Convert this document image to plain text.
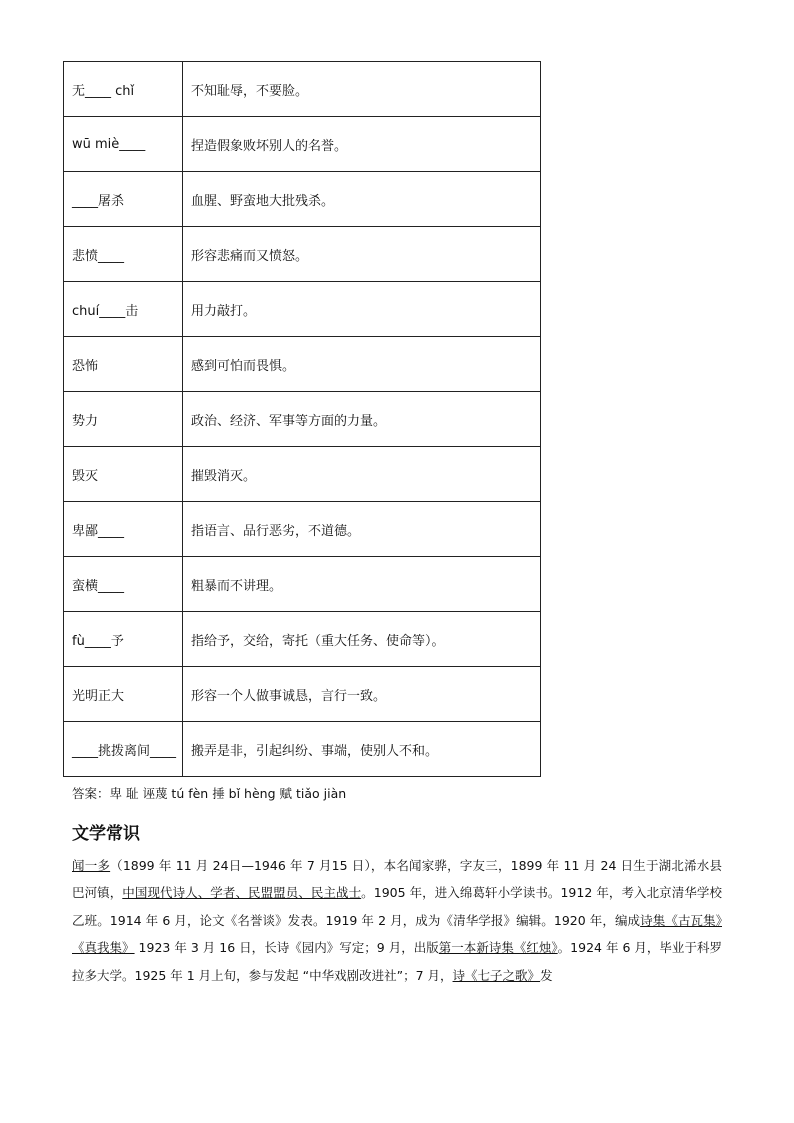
无____ chǐ	不知耻辱，不要脸。
wū miè____	捏造假象败坏别人的名誉。
____屠杀	血腥、野蛮地大批残杀。
悲愤____	形容悲痛而又愤怒。
chuí____击	用力敲打。
恐怖	感到可怕而畏惧。
势力	政治、经济、军事等方面的力量。
毁灭	摧毁消灭。
卑鄙____	指语言、品行恶劣，不道德。
蛮横____	粗暴而不讲理。
fù____予	指给予，交给，寄托（重大任务、使命等）。
光明正大	形容一个人做事诚恳，言行一致。
____挑拨离间____	搬弄是非，引起纠纷、事端，使别人不和。
答案：卑 耻 诬蔑 tú fèn 捶 bǐ hèng 赋 tiǎo jiàn
文学常识
闻一多（1899 年 11 月 24日—1946 年 7 月15 日），本名闻家骅，字友三，1899 年 11 月 24 日生于湖北浠水县巴河镇，中国现代诗人、学者、民盟盟员、民主战士。1905 年，进入绵葛轩小学读书。1912 年，考入北京清华学校乙班。1914 年 6 月，论文《名誉谈》发表。1919 年 2 月，成为《清华学报》编辑。1920 年，编成诗集《古瓦集》《真我集》 1923 年 3 月 16 日，长诗《园内》写定；9 月，出版第一本新诗集《红烛》。1924 年 6 月，毕业于科罗拉多大学。1925 年 1 月上旬，参与发起 “中华戏剧改进社”；7 月，诗《七子之歌》发
